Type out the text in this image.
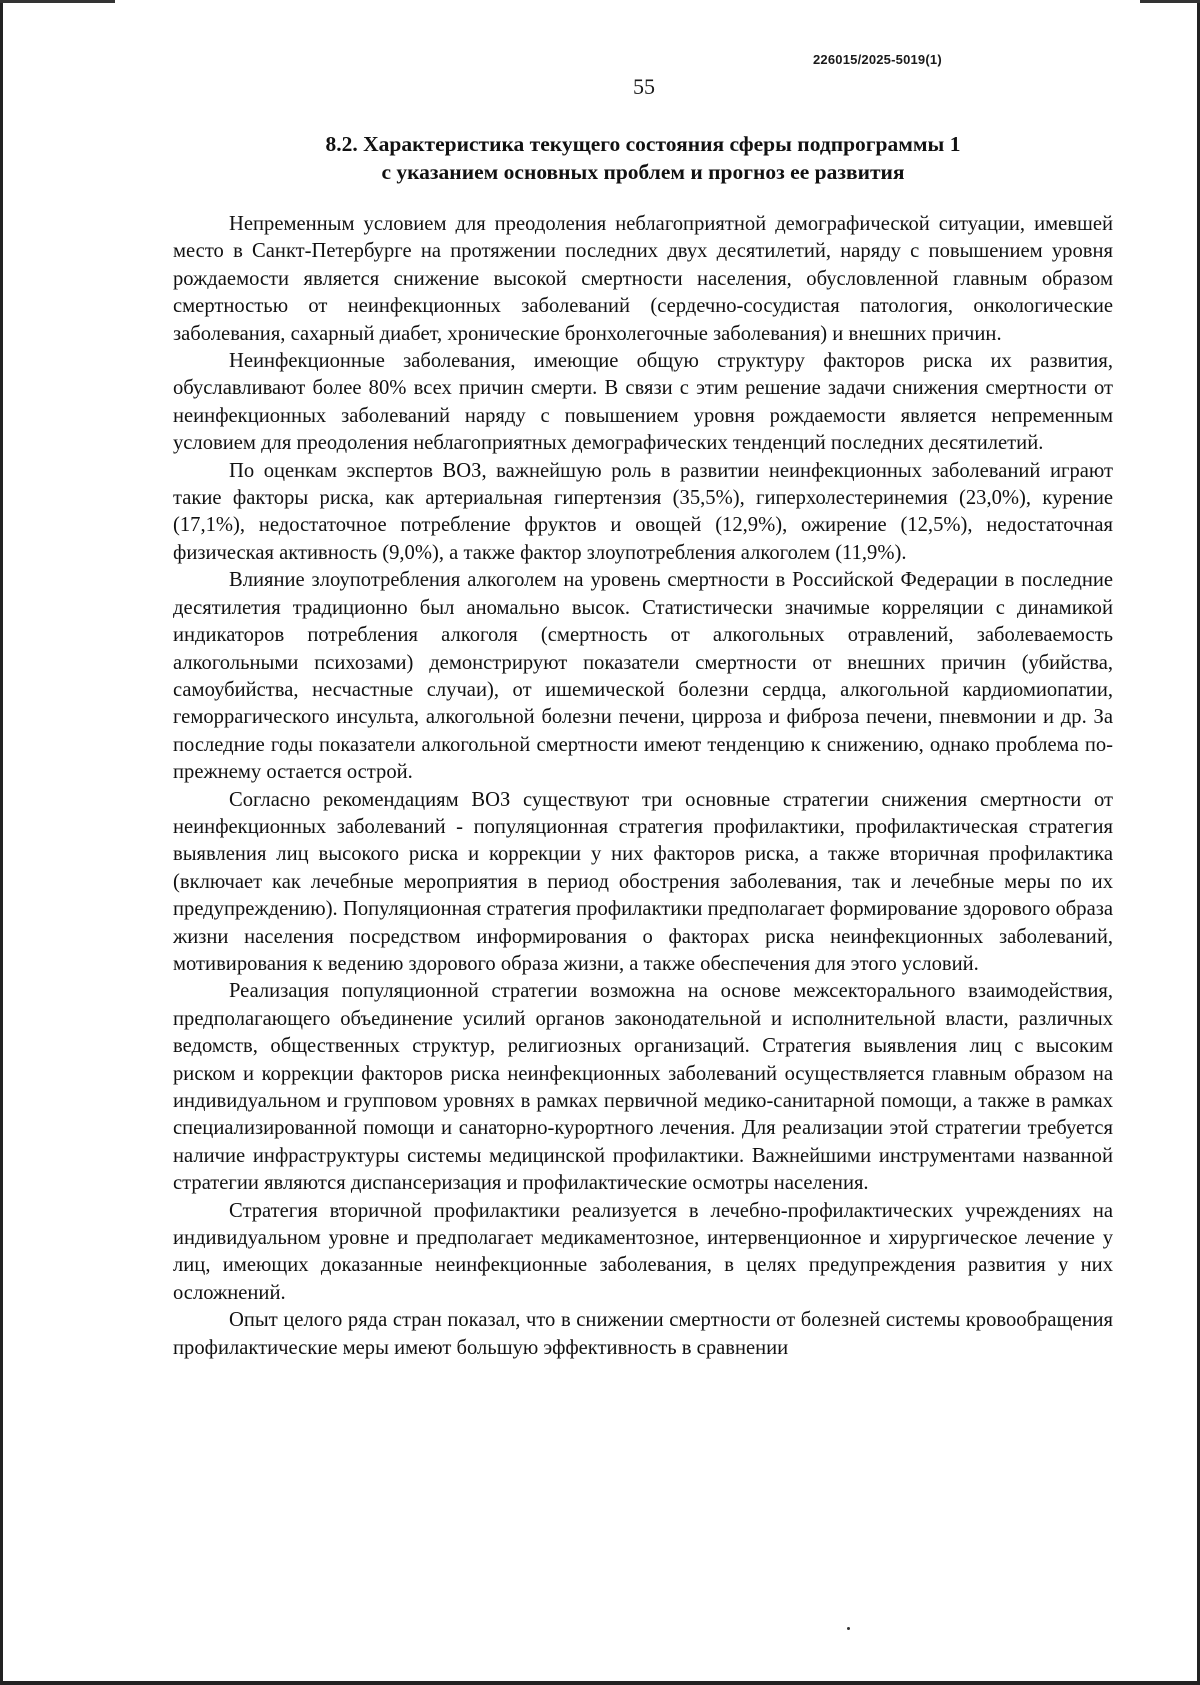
226015/2025-5019(1)
55
8.2. Характеристика текущего состояния сферы подпрограммы 1
с указанием основных проблем и прогноз ее развития

Непременным условием для преодоления неблагоприятной демографической ситуации, имевшей место в Санкт-Петербурге на протяжении последних двух десятилетий, наряду с повышением уровня рождаемости является снижение высокой смертности населения, обусловленной главным образом смертностью от неинфекционных заболеваний (сердечно-сосудистая патология, онкологические заболевания, сахарный диабет, хронические бронхолегочные заболевания) и внешних причин.

Неинфекционные заболевания, имеющие общую структуру факторов риска их развития, обуславливают более 80% всех причин смерти. В связи с этим решение задачи снижения смертности от неинфекционных заболеваний наряду с повышением уровня рождаемости является непременным условием для преодоления неблагоприятных демографических тенденций последних десятилетий.

По оценкам экспертов ВОЗ, важнейшую роль в развитии неинфекционных заболеваний играют такие факторы риска, как артериальная гипертензия (35,5%), гиперхолестеринемия (23,0%), курение (17,1%), недостаточное потребление фруктов и овощей (12,9%), ожирение (12,5%), недостаточная физическая активность (9,0%), а также фактор злоупотребления алкоголем (11,9%).

Влияние злоупотребления алкоголем на уровень смертности в Российской Федерации в последние десятилетия традиционно был аномально высок. Статистически значимые корреляции с динамикой индикаторов потребления алкоголя (смертность от алкогольных отравлений, заболеваемость алкогольными психозами) демонстрируют показатели смертности от внешних причин (убийства, самоубийства, несчастные случаи), от ишемической болезни сердца, алкогольной кардиомиопатии, геморрагического инсульта, алкогольной болезни печени, цирроза и фиброза печени, пневмонии и др. За последние годы показатели алкогольной смертности имеют тенденцию к снижению, однако проблема по-прежнему остается острой.

Согласно рекомендациям ВОЗ существуют три основные стратегии снижения смертности от неинфекционных заболеваний - популяционная стратегия профилактики, профилактическая стратегия выявления лиц высокого риска и коррекции у них факторов риска, а также вторичная профилактика (включает как лечебные мероприятия в период обострения заболевания, так и лечебные меры по их предупреждению). Популяционная стратегия профилактики предполагает формирование здорового образа жизни населения посредством информирования о факторах риска неинфекционных заболеваний, мотивирования к ведению здорового образа жизни, а также обеспечения для этого условий.

Реализация популяционной стратегии возможна на основе межсекторального взаимодействия, предполагающего объединение усилий органов законодательной и исполнительной власти, различных ведомств, общественных структур, религиозных организаций. Стратегия выявления лиц с высоким риском и коррекции факторов риска неинфекционных заболеваний осуществляется главным образом на индивидуальном и групповом уровнях в рамках первичной медико-санитарной помощи, а также в рамках специализированной помощи и санаторно-курортного лечения. Для реализации этой стратегии требуется наличие инфраструктуры системы медицинской профилактики. Важнейшими инструментами названной стратегии являются диспансеризация и профилактические осмотры населения.

Стратегия вторичной профилактики реализуется в лечебно-профилактических учреждениях на индивидуальном уровне и предполагает медикаментозное, интервенционное и хирургическое лечение у лиц, имеющих доказанные неинфекционные заболевания, в целях предупреждения развития у них осложнений.

Опыт целого ряда стран показал, что в снижении смертности от болезней системы кровообращения профилактические меры имеют большую эффективность в сравнении
